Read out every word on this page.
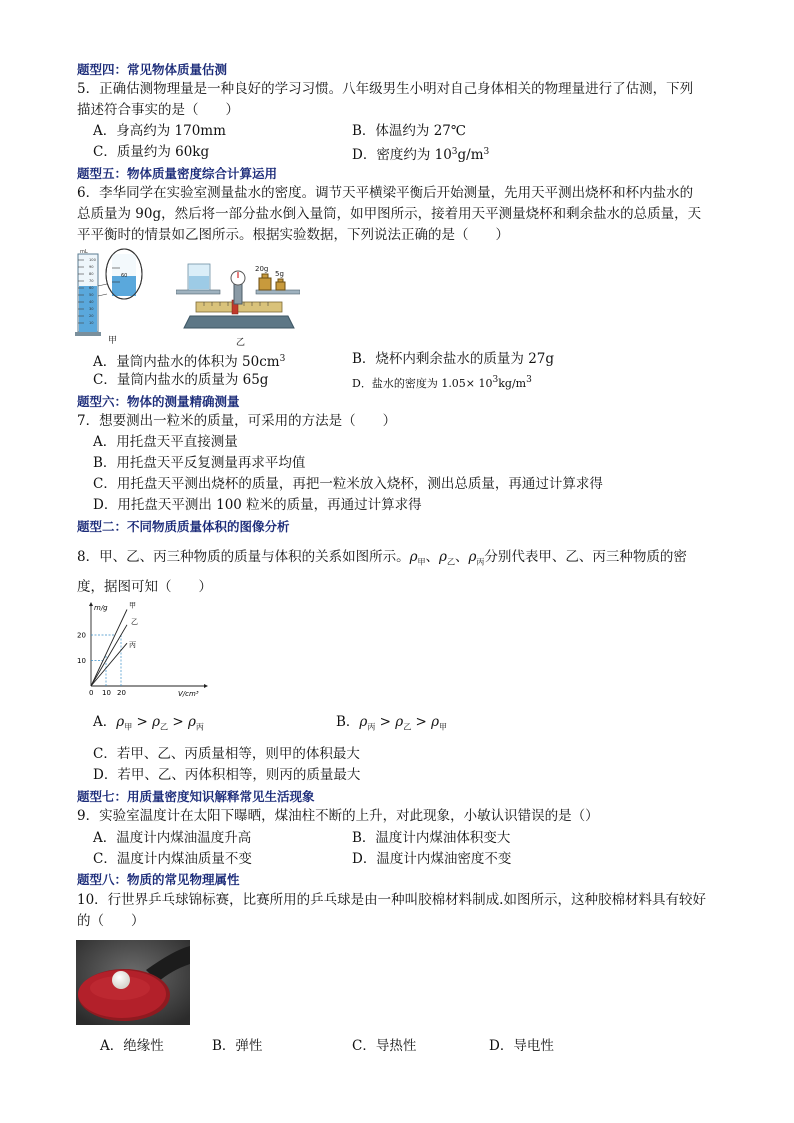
题型四：常见物体质量估测
5．正确估测物理量是一种良好的学习习惯。八年级男生小明对自己身体相关的物理量进行了估测，下列
描述符合事实的是（　　）
A．身高约为 170mm	B．体温约为 27℃
C．质量约为 60kg	D．密度约为 $10^3g/m^3$
题型五：物体质量密度综合计算运用
6．李华同学在实验室测量盐水的密度。调节天平横梁平衡后开始测量，先用天平测出烧杯和杯内盐水的
总质量为 90g，然后将一部分盐水倒入量筒，如甲图所示，接着用天平测量烧杯和剩余盐水的总质量，天
平平衡时的情景如乙图所示。根据实验数据，下列说法正确的是（　　）
mL
100
90
80
70
60
50
40
30
20
10
60
甲
20g
5g
乙
A．量筒内盐水的体积为 $50cm^3$	B．烧杯内剩余盐水的质量为 27g
C．量筒内盐水的质量为 65g	D．盐水的密度为 $1.05\times 10^3kg/m^3$
题型六：物体的测量精确测量
7．想要测出一粒米的质量，可采用的方法是（　　）
A．用托盘天平直接测量
B．用托盘天平反复测量再求平均值
C．用托盘天平测出烧杯的质量，再把一粒米放入烧杯，测出总质量，再通过计算求得
D．用托盘天平测出 100 粒米的质量，再通过计算求得
题型二：不同物质质量体积的图像分析
8．甲、乙、丙三种物质的质量与体积的关系如图所示。$\rho_甲$、$\rho_乙$、$\rho_丙$分别代表甲、乙、丙三种物质的密
度，据图可知（　　）
m/g
V/cm³
10
20
0 10 20
甲
乙
丙
A．$\rho_甲 > \rho_乙 > \rho_丙$	B．$\rho_丙 > \rho_乙 > \rho_甲$
C．若甲、乙、丙质量相等，则甲的体积最大
D．若甲、乙、丙体积相等，则丙的质量最大
题型七：用质量密度知识解释常见生活现象
9．实验室温度计在太阳下曝晒，煤油柱不断的上升，对此现象，小敏认识错误的是（）
A．温度计内煤油温度升高	B．温度计内煤油体积变大
C．温度计内煤油质量不变	D．温度计内煤油密度不变
题型八：物质的常见物理属性
10．行世界乒乓球锦标赛，比赛所用的乒乓球是由一种叫胶棉材料制成.如图所示，这种胶棉材料具有较好
的（　　）
A．绝缘性	B．弹性	C．导热性	D．导电性
